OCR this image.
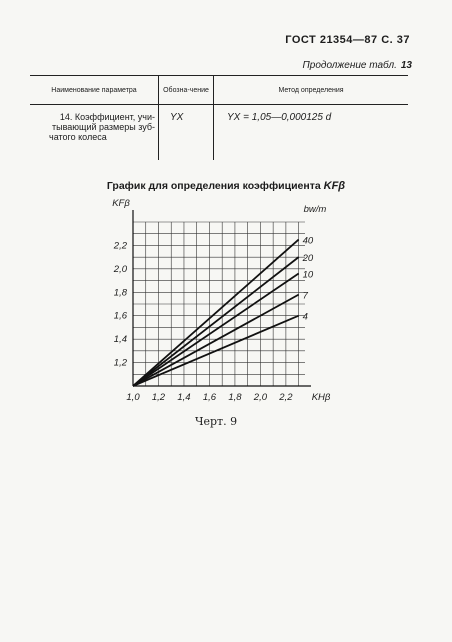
ГОСТ 21354—87 С. 37
Продолжение табл. 13
Наименование параметра	Обозна-чение	Метод определения

14. Коэффициент, учи-
тывающий размеры зуб-
чатого колеса	YX	YX = 1,05—0,000125 d
График для определения коэффициента KFβ
40
20
10
7
4
1,0 1,2 1,4 1,6 1,8 2,0 2,2
1,2
1,4
1,6
1,8
2,0
2,2
KFβ
KHβ
bw/m
Черт. 9
